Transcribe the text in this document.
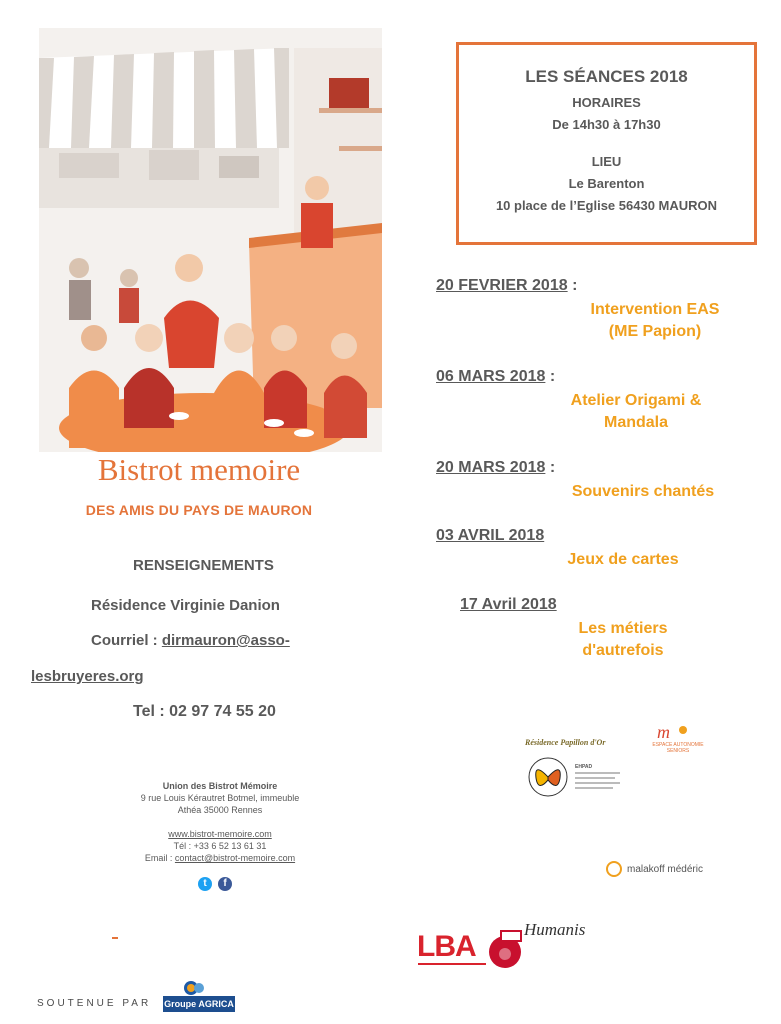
Bistrot memoire
DES AMIS DU PAYS DE MAURON
RENSEIGNEMENTS
Résidence Virginie Danion
Courriel : dirmauron@asso-
lesbruyeres.org
Tel : 02 97 74 55 20
LES SÉANCES 2018
HORAIRES
De 14h30 à 17h30
LIEU
Le Barenton
10 place de l’Eglise 56430 MAURON
20 FEVRIER 2018 :
Intervention EAS
(ME Papion)
06 MARS 2018 :
Atelier Origami &
Mandala
20 MARS 2018 :
Souvenirs chantés
03 AVRIL 2018
Jeux de cartes
17 Avril 2018
Les métiers
d'autrefois
Union des Bistrot Mémoire
9 rue Louis Kérautret Botmel, immeuble
Athéa 35000 Rennes
www.bistrot-memoire.com
Tél : +33 6 52 13 61 31
Email : contact@bistrot-memoire.com
t	f
Résidence Papillon d'Or
EHPAD
m
ESPACE AUTONOMIE SENIORS
malakoff médéric
LBA
Humanis
SOUTENUE PAR Groupe AGRICA
